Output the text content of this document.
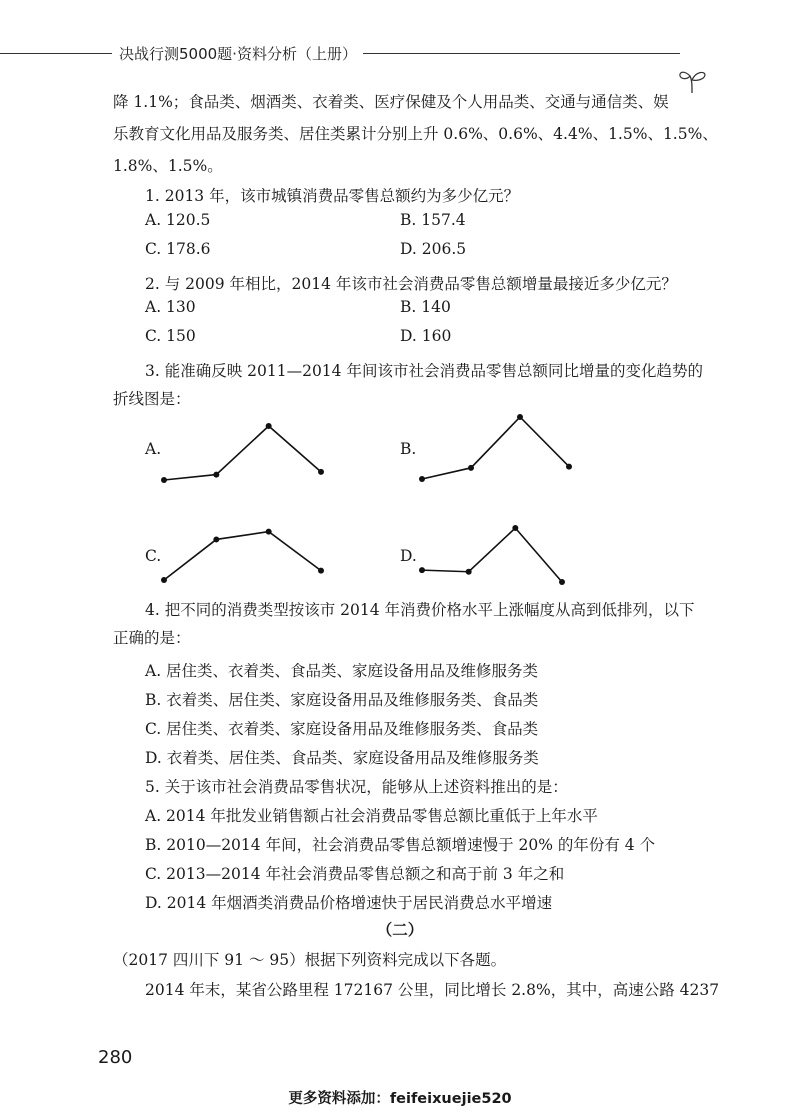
决战行测5000题·资料分析（上册）

降 1.1%；食品类、烟酒类、衣着类、医疗保健及个人用品类、交通与通信类、娱

乐教育文化用品及服务类、居住类累计分别上升 0.6%、0.6%、4.4%、1.5%、1.5%、

1.8%、1.5%。

1. 2013 年，该市城镇消费品零售总额约为多少亿元？

A. 120.5	B. 157.4
C. 178.6	D. 206.5

2. 与 2009 年相比，2014 年该市社会消费品零售总额增量最接近多少亿元？

A. 130	B. 140
C. 150	D. 160

3. 能准确反映 2011—2014 年间该市社会消费品零售总额同比增量的变化趋势的

折线图是：

A.	B.
C.	D.

4. 把不同的消费类型按该市 2014 年消费价格水平上涨幅度从高到低排列，以下

正确的是：

A. 居住类、衣着类、食品类、家庭设备用品及维修服务类
B. 衣着类、居住类、家庭设备用品及维修服务类、食品类
C. 居住类、衣着类、家庭设备用品及维修服务类、食品类
D. 衣着类、居住类、食品类、家庭设备用品及维修服务类
5. 关于该市社会消费品零售状况，能够从上述资料推出的是：
A. 2014 年批发业销售额占社会消费品零售总额比重低于上年水平
B. 2010—2014 年间，社会消费品零售总额增速慢于 20% 的年份有 4 个
C. 2013—2014 年社会消费品零售总额之和高于前 3 年之和
D. 2014 年烟酒类消费品价格增速快于居民消费总水平增速
（二）
（2017 四川下 91 ～ 95）根据下列资料完成以下各题。
2014 年末，某省公路里程 172167 公里，同比增长 2.8%，其中，高速公路 4237
280
更多资料添加：feifeixuejie520
